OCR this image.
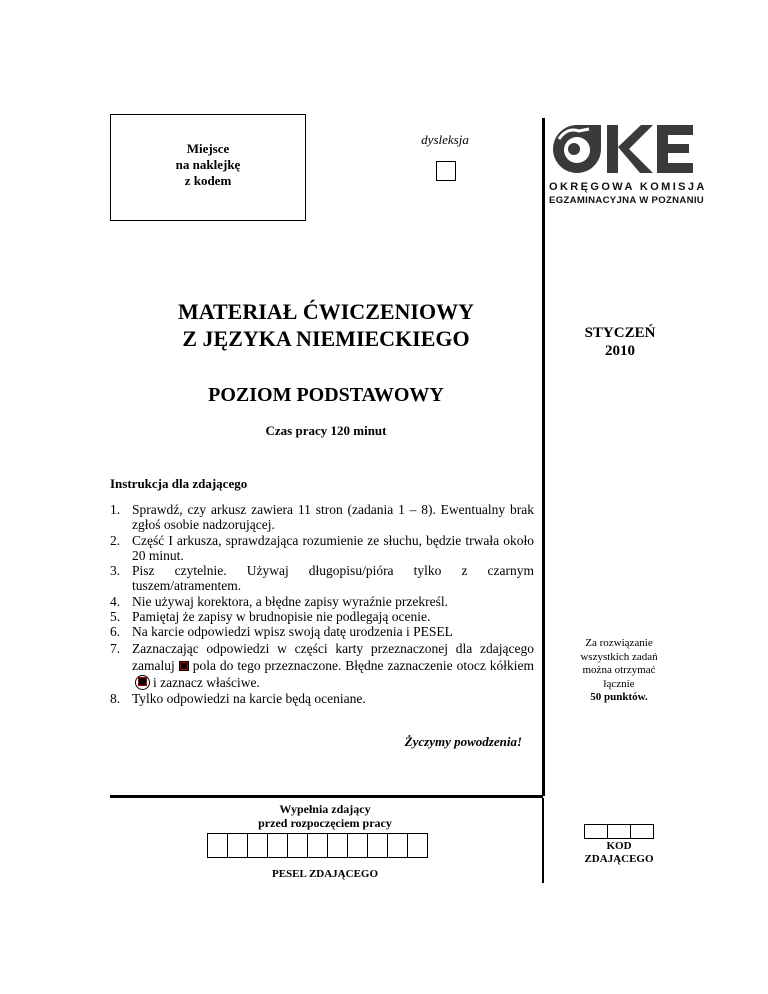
Miejsce
na naklejkę
z kodem
dysleksja
OKRĘGOWA KOMISJA
EGZAMINACYJNA W POZNANIU
MATERIAŁ ĆWICZENIOWY
Z JĘZYKA NIEMIECKIEGO	STYCZEŃ
2010
POZIOM PODSTAWOWY
Czas pracy 120 minut
Instrukcja dla zdającego
1. Sprawdź, czy arkusz zawiera 11 stron (zadania 1 – 8). Ewentualny brak zgłoś osobie nadzorującej.
2. Część I arkusza, sprawdzająca rozumienie ze słuchu, będzie trwała około 20 minut.
3. Pisz czytelnie. Używaj długopisu/pióra tylko z czarnym tuszem/atramentem.
4. Nie używaj korektora, a błędne zapisy wyraźnie przekreśl.
5. Pamiętaj że zapisy w brudnopisie nie podlegają ocenie.
6. Na karcie odpowiedzi wpisz swoją datę urodzenia i PESEL
7. Zaznaczając odpowiedzi w części karty przeznaczonej dla zdającego zamaluj pola do tego przeznaczone. Błędne zaznaczenie otocz kółkiemi zaznacz właściwe.
8. Tylko odpowiedzi na karcie będą oceniane.
Życzymy powodzenia!
Za rozwiązanie
wszystkich zadań
można otrzymać
łącznie
50 punktów.
Wypełnia zdający
przed rozpoczęciem pracy
PESEL ZDAJĄCEGO
KOD
ZDAJĄCEGO
